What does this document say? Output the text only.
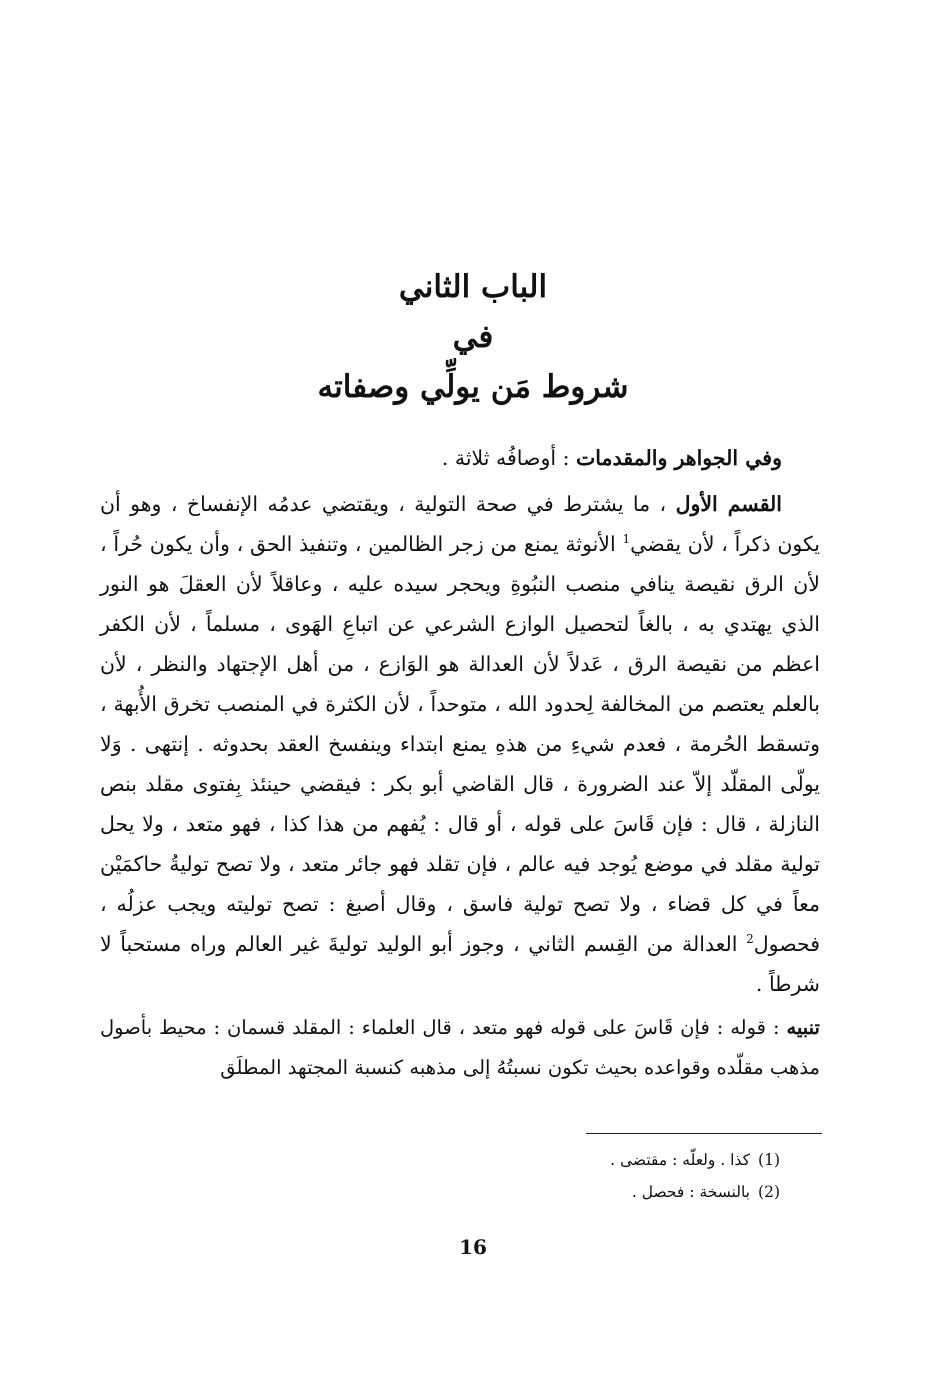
الباب الثاني

في

شروط مَن يولِّي وصفاته

وفي الجواهر والمقدمات : أوصافُه ثلاثة .

القسم الأول ، ما يشترط في صحة التولية ، ويقتضي عدمُه الإنفساخ ، وهو أن يكون ذكراً ، لأن يقضي$^1$ الأنوثة يمنع من زجر الظالمين ، وتنفيذ الحق ، وأن يكون حُراً ، لأن الرق نقيصة ينافي منصب النبُوةِ ويحجر سيده عليه ، وعاقلاً لأن العقلَ هو النور الذي يهتدي به ، بالغاً لتحصيل الوازع الشرعي عن اتباعِ الهَوى ، مسلماً ، لأن الكفر اعظم من نقيصة الرق ، عَدلاً لأن العدالة هو الوَازع ، من أهل الإجتهاد والنظر ، لأن بالعلم يعتصم من المخالفة لِحدود الله ، متوحداً ، لأن الكثرة في المنصب تخرق الأُبهة ، وتسقط الحُرمة ، فعدم شيءِ من هذهِ يمنع ابتداء وينفسخ العقد بحدوثه . إنتهى . وَلا يولّى المقلّد إلاّ عند الضرورة ، قال القاضي أبو بكر : فيقضي حينئذ بِفتوى مقلد بنص النازلة ، قال : فإن قَاسَ على قوله ، أو قال : يُفهم من هذا كذا ، فهو متعد ، ولا يحل تولية مقلد في موضع يُوجد فيه عالم ، فإن تقلد فهو جائر متعد ، ولا تصح توليةُ حاكمَيْن معاً في كل قضاء ، ولا تصح تولية فاسق ، وقال أصبغ : تصح توليته ويجب عزلُه ، فحصول$^2$ العدالة من القِسم الثاني ، وجوز أبو الوليد توليةَ غير العالم وراه مستحباً لا شرطاً .

تنبيه : قوله : فإن قَاسَ على قوله فهو متعد ، قال العلماء : المقلد قسمان : محيط بأصول مذهب مقلّده وقواعده بحيث تكون نسبتُهُ إلى مذهبه كنسبة المجتهد المطلَق

(1)كذا . ولعلّه : مقتضى .

(2)بالنسخة : فحصل .

16
